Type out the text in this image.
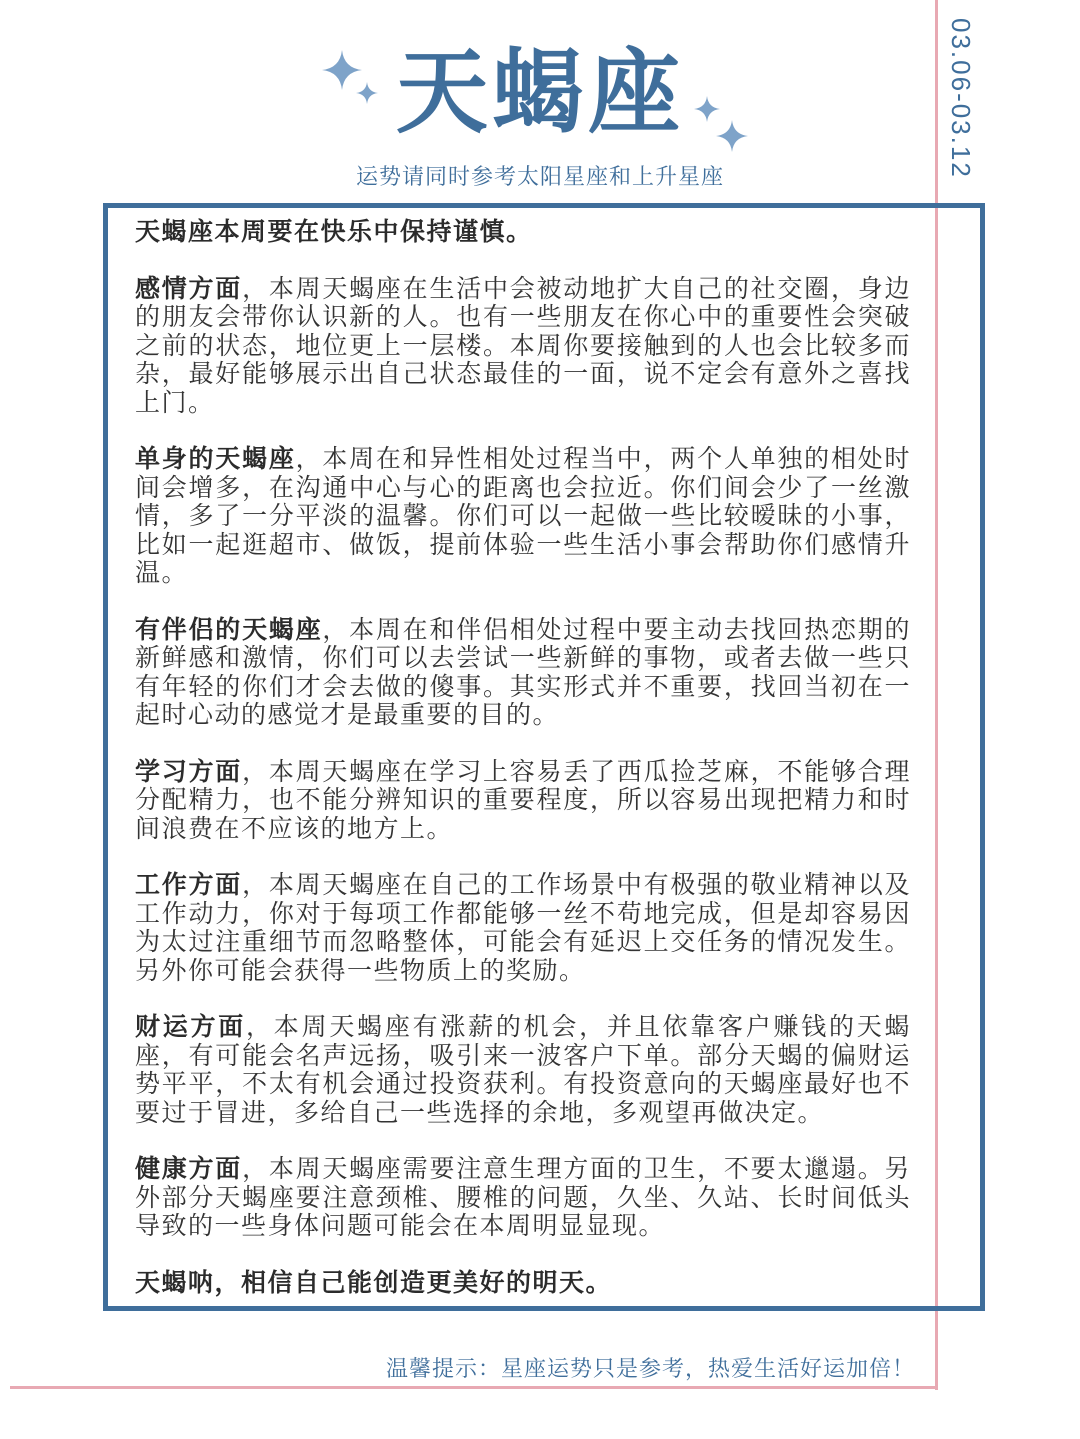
03.06-03.12
天蝎座
运势请同时参考太阳星座和上升星座

天蝎座本周要在快乐中保持谨慎。

感情方面，本周天蝎座在生活中会被动地扩大自己的社交圈，身边的朋友会带你认识新的人。也有一些朋友在你心中的重要性会突破之前的状态，地位更上一层楼。本周你要接触到的人也会比较多而杂，最好能够展示出自己状态最佳的一面，说不定会有意外之喜找上门。

单身的天蝎座，本周在和异性相处过程当中，两个人单独的相处时间会增多，在沟通中心与心的距离也会拉近。你们间会少了一丝激情，多了一分平淡的温馨。你们可以一起做一些比较暧昧的小事，比如一起逛超市、做饭，提前体验一些生活小事会帮助你们感情升温。

有伴侣的天蝎座，本周在和伴侣相处过程中要主动去找回热恋期的新鲜感和激情，你们可以去尝试一些新鲜的事物，或者去做一些只有年轻的你们才会去做的傻事。其实形式并不重要，找回当初在一起时心动的感觉才是最重要的目的。

学习方面，本周天蝎座在学习上容易丢了西瓜捡芝麻，不能够合理分配精力，也不能分辨知识的重要程度，所以容易出现把精力和时间浪费在不应该的地方上。

工作方面，本周天蝎座在自己的工作场景中有极强的敬业精神以及工作动力，你对于每项工作都能够一丝不苟地完成，但是却容易因为太过注重细节而忽略整体，可能会有延迟上交任务的情况发生。另外你可能会获得一些物质上的奖励。

财运方面，本周天蝎座有涨薪的机会，并且依靠客户赚钱的天蝎座，有可能会名声远扬，吸引来一波客户下单。部分天蝎的偏财运势平平，不太有机会通过投资获利。有投资意向的天蝎座最好也不要过于冒进，多给自己一些选择的余地，多观望再做决定。

健康方面，本周天蝎座需要注意生理方面的卫生，不要太邋遢。另外部分天蝎座要注意颈椎、腰椎的问题，久坐、久站、长时间低头导致的一些身体问题可能会在本周明显显现。

天蝎呐，相信自己能创造更美好的明天。

温馨提示：星座运势只是参考，热爱生活好运加倍！
